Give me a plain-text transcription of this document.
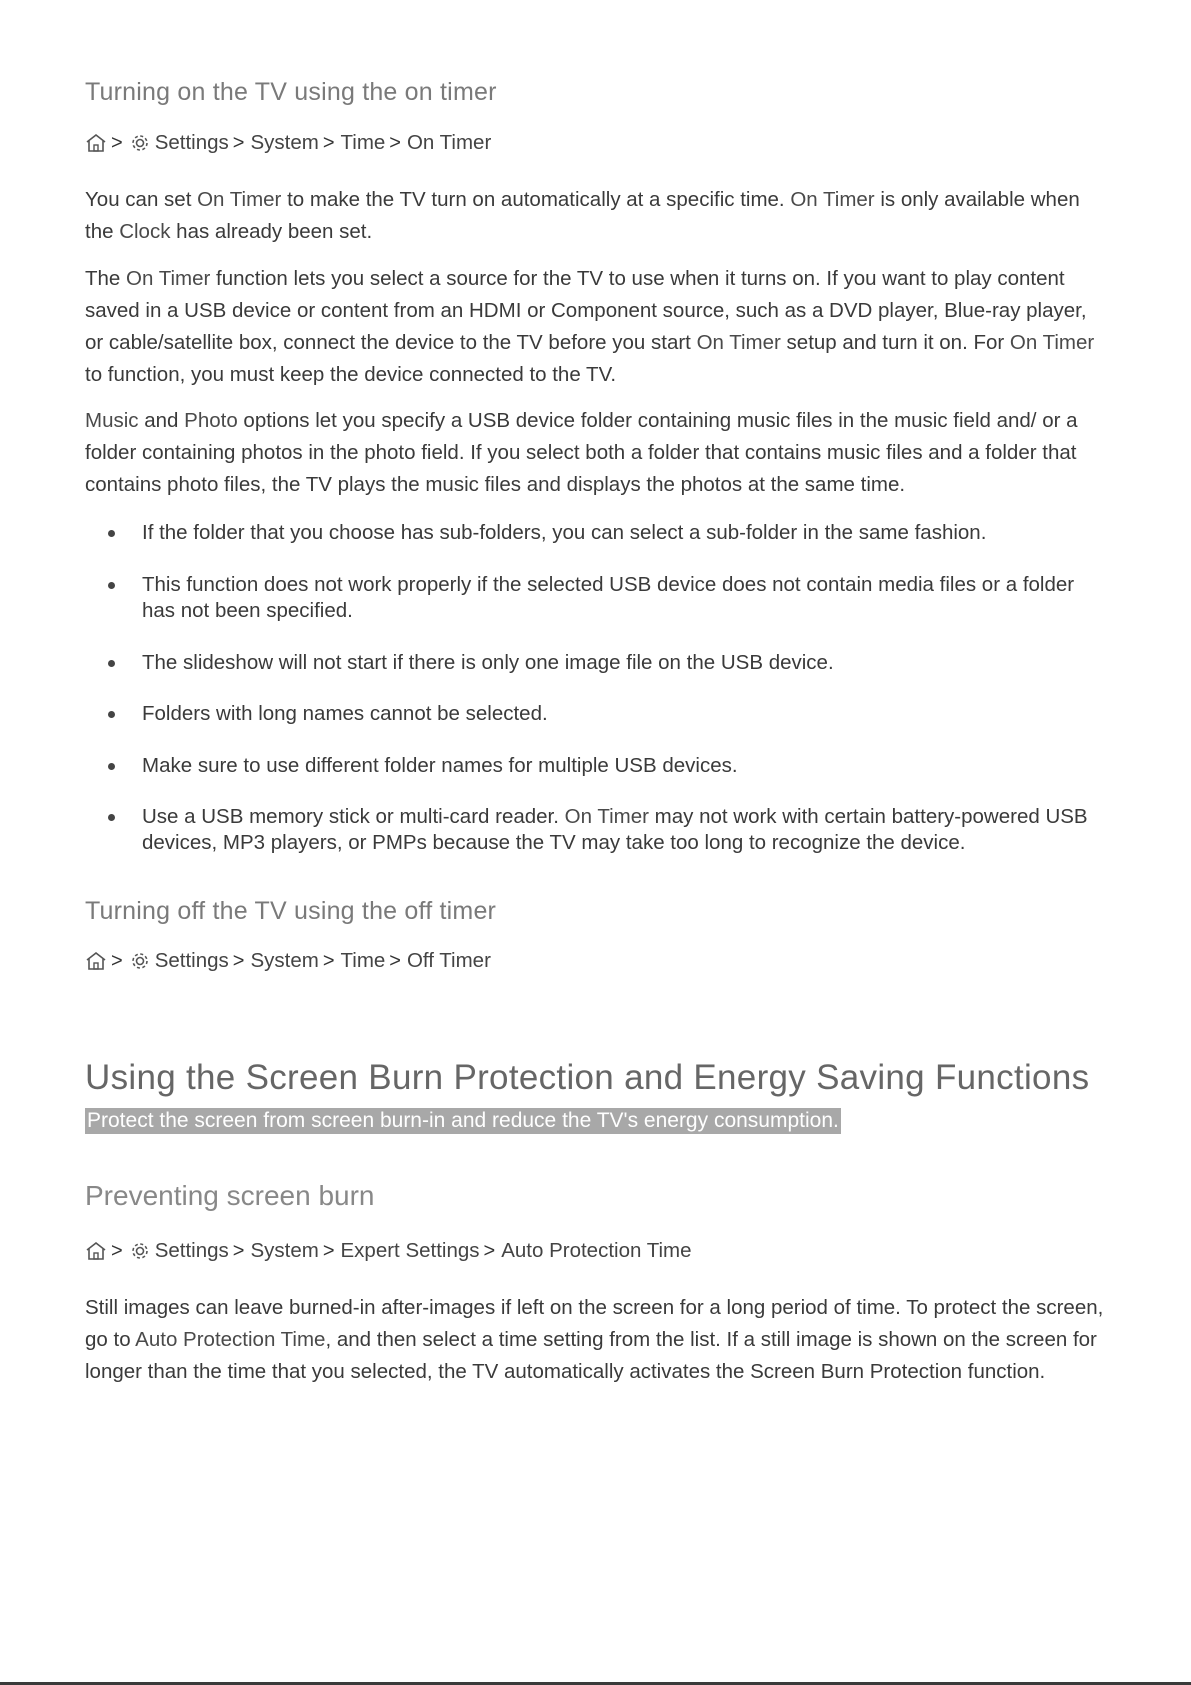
Turning on the TV using the on timer
> Settings > System > Time > On Timer

You can set On Timer to make the TV turn on automatically at a specific time. On Timer is only available when the Clock has already been set.

The On Timer function lets you select a source for the TV to use when it turns on. If you want to play content saved in a USB device or content from an HDMI or Component source, such as a DVD player, Blue-ray player, or cable/satellite box, connect the device to the TV before you start On Timer setup and turn it on. For On Timer to function, you must keep the device connected to the TV.

Music and Photo options let you specify a USB device folder containing music files in the music field and/ or a folder containing photos in the photo field. If you select both a folder that contains music files and a folder that contains photo files, the TV plays the music files and displays the photos at the same time.

If the folder that you choose has sub-folders, you can select a sub-folder in the same fashion.
This function does not work properly if the selected USB device does not contain media files or a folder has not been specified.
The slideshow will not start if there is only one image file on the USB device.
Folders with long names cannot be selected.
Make sure to use different folder names for multiple USB devices.
Use a USB memory stick or multi-card reader. On Timer may not work with certain battery-powered USB devices, MP3 players, or PMPs because the TV may take too long to recognize the device.
Turning off the TV using the off timer
> Settings > System > Time > Off Timer
Using the Screen Burn Protection and Energy Saving Functions

Protect the screen from screen burn-in and reduce the TV's energy consumption.

Preventing screen burn
> Settings > System > Expert Settings > Auto Protection Time

Still images can leave burned-in after-images if left on the screen for a long period of time. To protect the screen, go to Auto Protection Time, and then select a time setting from the list. If a still image is shown on the screen for longer than the time that you selected, the TV automatically activates the Screen Burn Protection function.
